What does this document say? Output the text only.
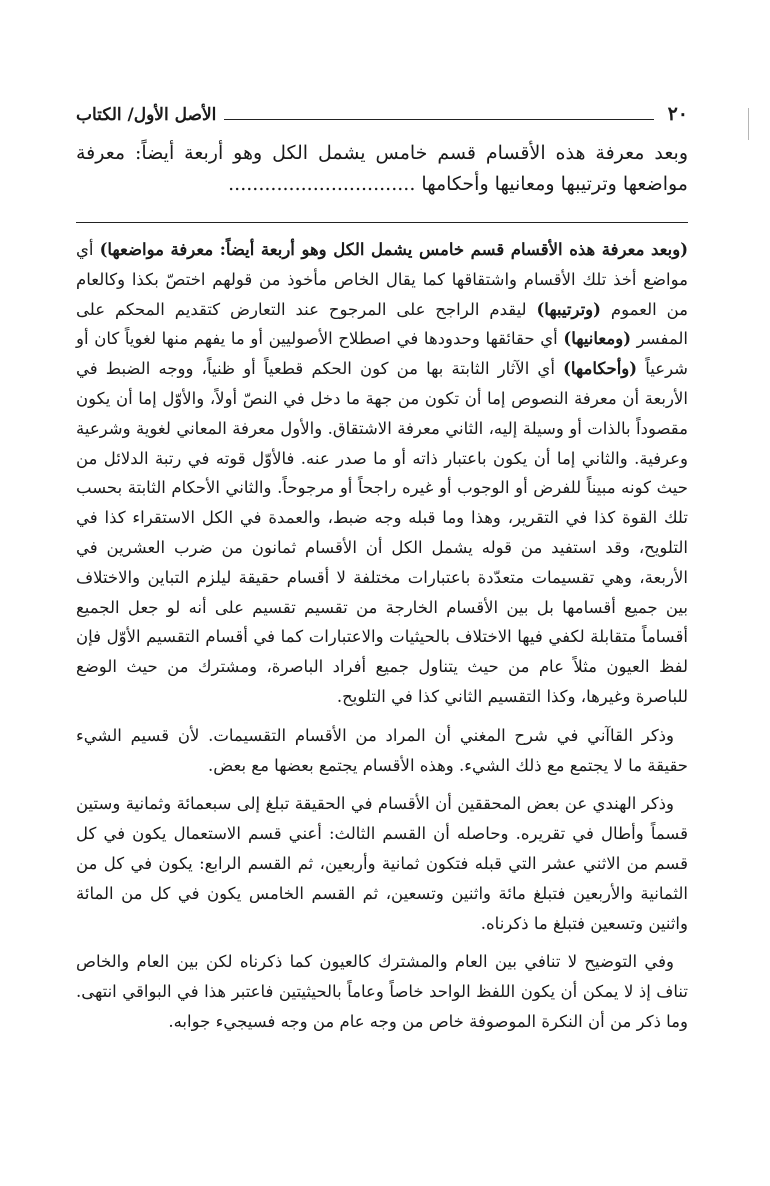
٢٠
الأصل الأول/ الكتاب
وبعد معرفة هذه الأقسام قسم خامس يشمل الكل وهو أربعة أيضاً: معرفة مواضعها وترتيبها ومعانيها وأحكامها ...............................

(وبعد معرفة هذه الأقسام قسم خامس يشمل الكل وهو أربعة أيضاً: معرفة مواضعها) أي مواضع أخذ تلك الأقسام واشتقاقها كما يقال الخاص مأخوذ من قولهم اختصّ بكذا وكالعام من العموم (وترتيبها) ليقدم الراجح على المرجوح عند التعارض كتقديم المحكم على المفسر (ومعانيها) أي حقائقها وحدودها في اصطلاح الأصوليين أو ما يفهم منها لغوياً كان أو شرعياً (وأحكامها) أي الآثار الثابتة بها من كون الحكم قطعياً أو ظنياً، ووجه الضبط في الأربعة أن معرفة النصوص إما أن تكون من جهة ما دخل في النصّ أولاً، والأوّل إما أن يكون مقصوداً بالذات أو وسيلة إليه، الثاني معرفة الاشتقاق. والأول معرفة المعاني لغوية وشرعية وعرفية. والثاني إما أن يكون باعتبار ذاته أو ما صدر عنه. فالأوّل قوته في رتبة الدلائل من حيث كونه مبيناً للفرض أو الوجوب أو غيره راجحاً أو مرجوحاً. والثاني الأحكام الثابتة بحسب تلك القوة كذا في التقرير، وهذا وما قبله وجه ضبط، والعمدة في الكل الاستقراء كذا في التلويح، وقد استفيد من قوله يشمل الكل أن الأقسام ثمانون من ضرب العشرين في الأربعة، وهي تقسيمات متعدّدة باعتبارات مختلفة لا أقسام حقيقة ليلزم التباين والاختلاف بين جميع أقسامها بل بين الأقسام الخارجة من تقسيم تقسيم على أنه لو جعل الجميع أقساماً متقابلة لكفي فيها الاختلاف بالحيثيات والاعتبارات كما في أقسام التقسيم الأوّل فإن لفظ العيون مثلاً عام من حيث يتناول جميع أفراد الباصرة، ومشترك من حيث الوضع للباصرة وغيرها، وكذا التقسيم الثاني كذا في التلويح.

وذكر القاآني في شرح المغني أن المراد من الأقسام التقسيمات. لأن قسيم الشيء حقيقة ما لا يجتمع مع ذلك الشيء. وهذه الأقسام يجتمع بعضها مع بعض.

وذكر الهندي عن بعض المحققين أن الأقسام في الحقيقة تبلغ إلى سبعمائة وثمانية وستين قسماً وأطال في تقريره. وحاصله أن القسم الثالث: أعني قسم الاستعمال يكون في كل قسم من الاثني عشر التي قبله فتكون ثمانية وأربعين، ثم القسم الرابع: يكون في كل من الثمانية والأربعين فتبلغ مائة واثنين وتسعين، ثم القسم الخامس يكون في كل من المائة واثنين وتسعين فتبلغ ما ذكرناه.

وفي التوضيح لا تنافي بين العام والمشترك كالعيون كما ذكرناه لكن بين العام والخاص تناف إذ لا يمكن أن يكون اللفظ الواحد خاصاً وعاماً بالحيثيتين فاعتبر هذا في البواقي انتهى. وما ذكر من أن النكرة الموصوفة خاص من وجه عام من وجه فسيجيء جوابه.
